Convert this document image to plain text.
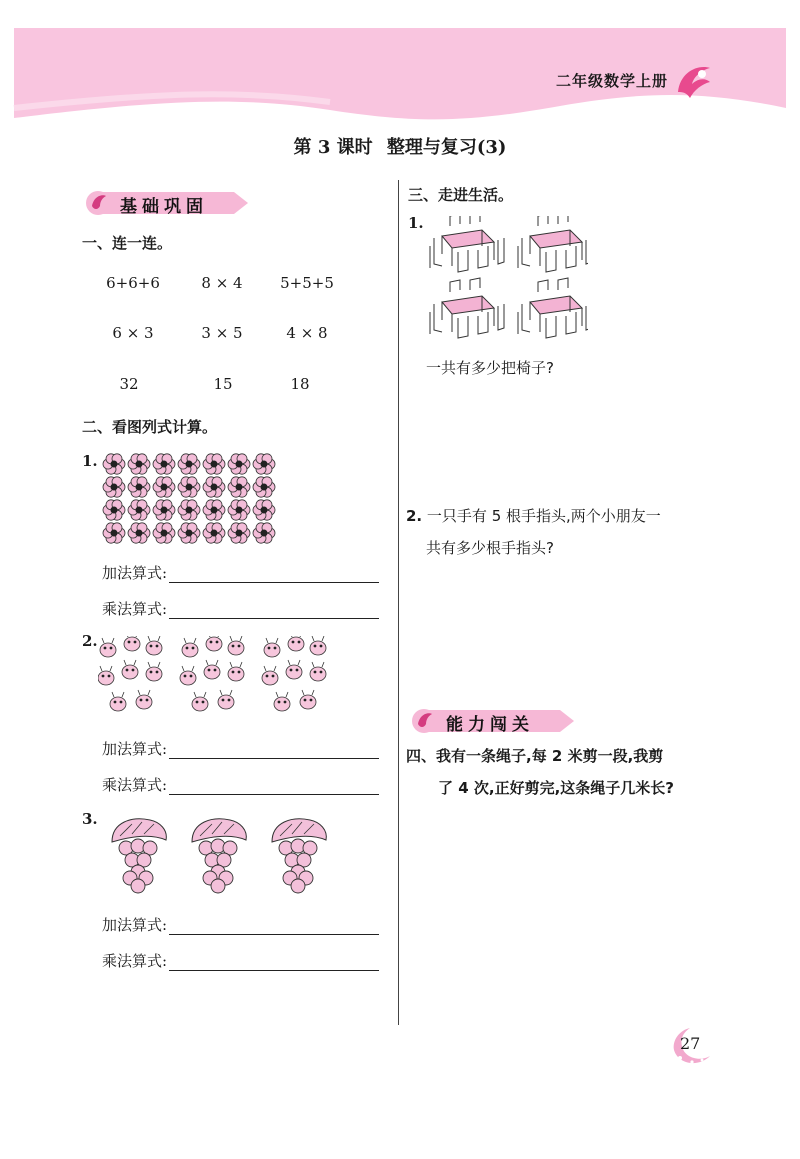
二年级数学上册
第 3 课时 整理与复习(3)
基础巩固
一、连一连。
6+6+6	8 × 4	5+5+5
6 × 3	3 × 5	4 × 8
32	15	18
二、看图列式计算。
1.
加法算式:
乘法算式:
2.
加法算式:
乘法算式:
3.
加法算式:
乘法算式:
三、走进生活。
1.
一共有多少把椅子?
2. 一只手有 5 根手指头,两个小朋友一
共有多少根手指头?
能力闯关
四、我有一条绳子,每 2 米剪一段,我剪
了 4 次,正好剪完,这条绳子几米长?
27
